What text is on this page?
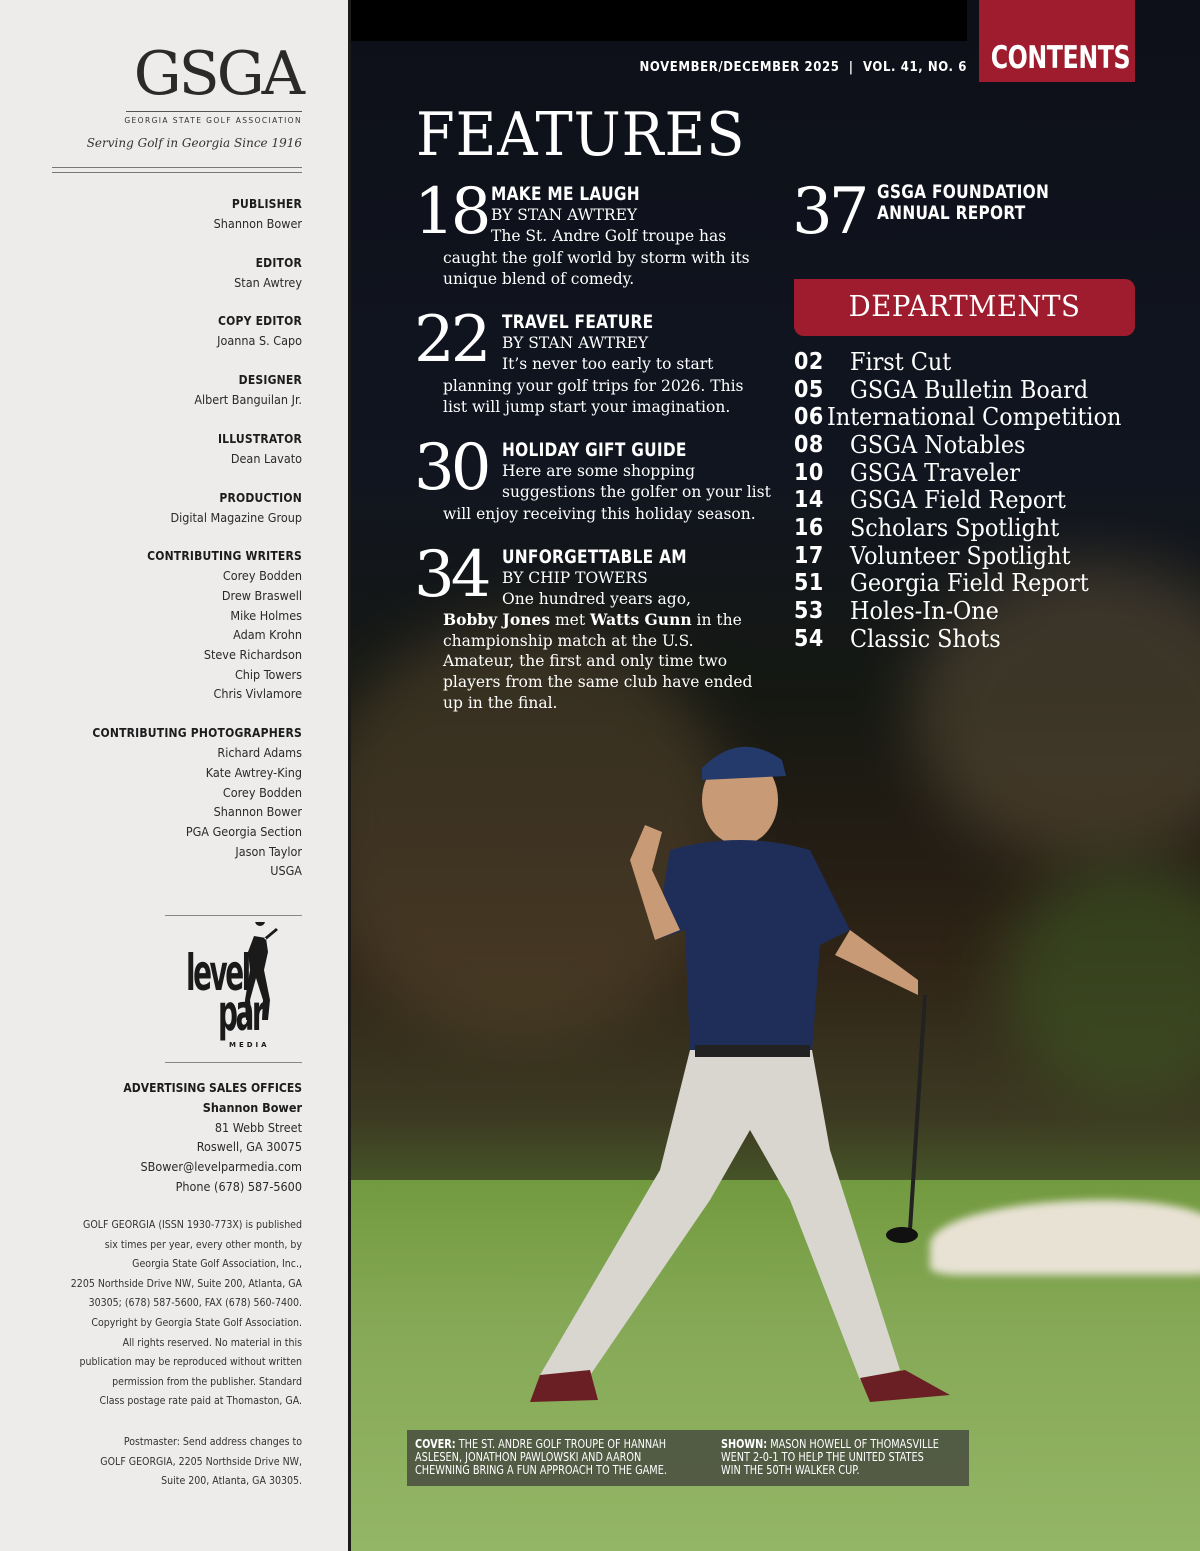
GSGA
GEORGIA STATE GOLF ASSOCIATION
Serving Golf in Georgia Since 1916
PUBLISHER
Shannon Bower
EDITOR
Stan Awtrey
COPY EDITOR
Joanna S. Capo
DESIGNER
Albert Banguilan Jr.
ILLUSTRATOR
Dean Lavato
PRODUCTION
Digital Magazine Group
CONTRIBUTING WRITERS
Corey Bodden
Drew Braswell
Mike Holmes
Adam Krohn
Steve Richardson
Chip Towers
Chris Vivlamore
CONTRIBUTING PHOTOGRAPHERS
Richard Adams
Kate Awtrey-King
Corey Bodden
Shannon Bower
PGA Georgia Section
Jason Taylor
USGA
level
par
MEDIA
ADVERTISING SALES OFFICES
Shannon Bower
81 Webb Street
Roswell, GA 30075
SBower@levelparmedia.com
Phone (678) 587-5600
GOLF GEORGIA (ISSN 1930-773X) is published
six times per year, every other month, by
Georgia State Golf Association, Inc.,
2205 Northside Drive NW, Suite 200, Atlanta, GA
30305; (678) 587-5600, FAX (678) 560-7400.
Copyright by Georgia State Golf Association.
All rights reserved. No material in this
publication may be reproduced without written
permission from the publisher. Standard
Class postage rate paid at Thomaston, GA.
Postmaster: Send address changes to
GOLF GEORGIA, 2205 Northside Drive NW,
Suite 200, Atlanta, GA 30305.
CONTENTS
NOVEMBER/DECEMBER 2025  |  VOL. 41, NO. 6
FEATURES
18 MAKE ME LAUGH
BY STAN AWTREY
The St. Andre Golf troupe has
caught the golf world by storm with its unique blend of comedy.
22 TRAVEL FEATURE
BY STAN AWTREY
It’s never too early to start
planning your golf trips for 2026. This list will jump start your imagination.
30 HOLIDAY GIFT GUIDE
Here are some shopping
suggestions the golfer on your list
will enjoy receiving this holiday season.
34 UNFORGETTABLE AM
BY CHIP TOWERS
One hundred years ago,
Bobby Jones met Watts Gunn in the championship match at the U.S. Amateur, the first and only time two players from the same club have ended up in the final.
37 GSGA FOUNDATION
ANNUAL REPORT
DEPARTMENTS
02	First Cut
05	GSGA Bulletin Board
06 International Competition
08	GSGA Notables
10	GSGA Traveler
14	GSGA Field Report
16	Scholars Spotlight
17	Volunteer Spotlight
51	Georgia Field Report
53	Holes-In-One
54	Classic Shots
COVER: THE ST. ANDRE GOLF TROUPE OF HANNAH
ASLESEN, JONATHON PAWLOWSKI AND AARON
CHEWNING BRING A FUN APPROACH TO THE GAME.
SHOWN: MASON HOWELL OF THOMASVILLE
WENT 2-0-1 TO HELP THE UNITED STATES
WIN THE 50TH WALKER CUP.
